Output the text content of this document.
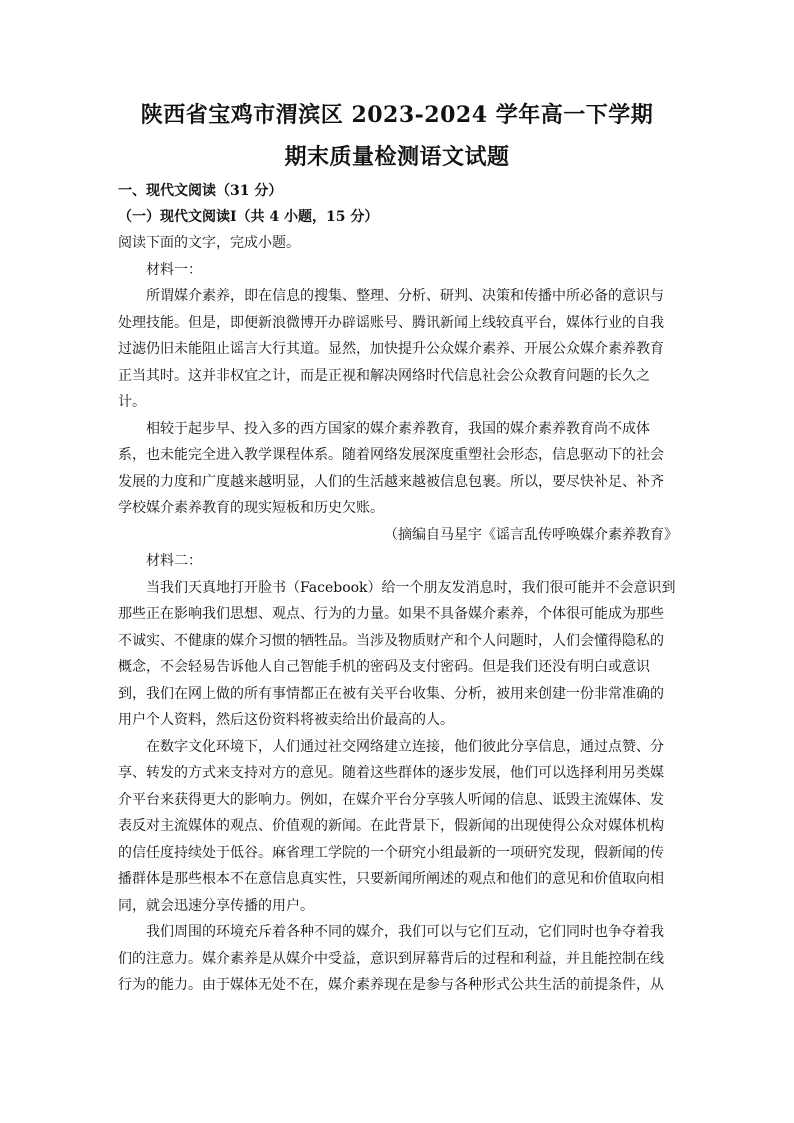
陕西省宝鸡市渭滨区 2023-2024 学年高一下学期
期末质量检测语文试题
一、现代文阅读（31 分）
（一）现代文阅读Ⅰ（共 4 小题，15 分）
阅读下面的文字，完成小题。
材料一：
所谓媒介素养，即在信息的搜集、整理、分析、研判、决策和传播中所必备的意识与
处理技能。但是，即便新浪微博开办辟谣账号、腾讯新闻上线较真平台，媒体行业的自我
过滤仍旧未能阻止谣言大行其道。显然，加快提升公众媒介素养、开展公众媒介素养教育
正当其时。这并非权宜之计，而是正视和解决网络时代信息社会公众教育问题的长久之
计。
相较于起步早、投入多的西方国家的媒介素养教育，我国的媒介素养教育尚不成体
系，也未能完全进入教学课程体系。随着网络发展深度重塑社会形态，信息驱动下的社会
发展的力度和广度越来越明显，人们的生活越来越被信息包裹。所以，要尽快补足、补齐
学校媒介素养教育的现实短板和历史欠账。
（摘编自马星宇《谣言乱传呼唤媒介素养教育》
材料二：
当我们天真地打开脸书（Facebook）给一个朋友发消息时，我们很可能并不会意识到
那些正在影响我们思想、观点、行为的力量。如果不具备媒介素养，个体很可能成为那些
不诚实、不健康的媒介习惯的牺牲品。当涉及物质财产和个人问题时，人们会懂得隐私的
概念，不会轻易告诉他人自己智能手机的密码及支付密码。但是我们还没有明白或意识
到，我们在网上做的所有事情都正在被有关平台收集、分析，被用来创建一份非常准确的
用户个人资料，然后这份资料将被卖给出价最高的人。
在数字文化环境下，人们通过社交网络建立连接，他们彼此分享信息，通过点赞、分
享、转发的方式来支持对方的意见。随着这些群体的逐步发展，他们可以选择利用另类媒
介平台来获得更大的影响力。例如，在媒介平台分享骇人听闻的信息、诋毁主流媒体、发
表反对主流媒体的观点、价值观的新闻。在此背景下，假新闻的出现使得公众对媒体机构
的信任度持续处于低谷。麻省理工学院的一个研究小组最新的一项研究发现，假新闻的传
播群体是那些根本不在意信息真实性，只要新闻所阐述的观点和他们的意见和价值取向相
同，就会迅速分享传播的用户。
我们周围的环境充斥着各种不同的媒介，我们可以与它们互动，它们同时也争夺着我
们的注意力。媒介素养是从媒介中受益，意识到屏幕背后的过程和利益，并且能控制在线
行为的能力。由于媒体无处不在，媒介素养现在是参与各种形式公共生活的前提条件，从
